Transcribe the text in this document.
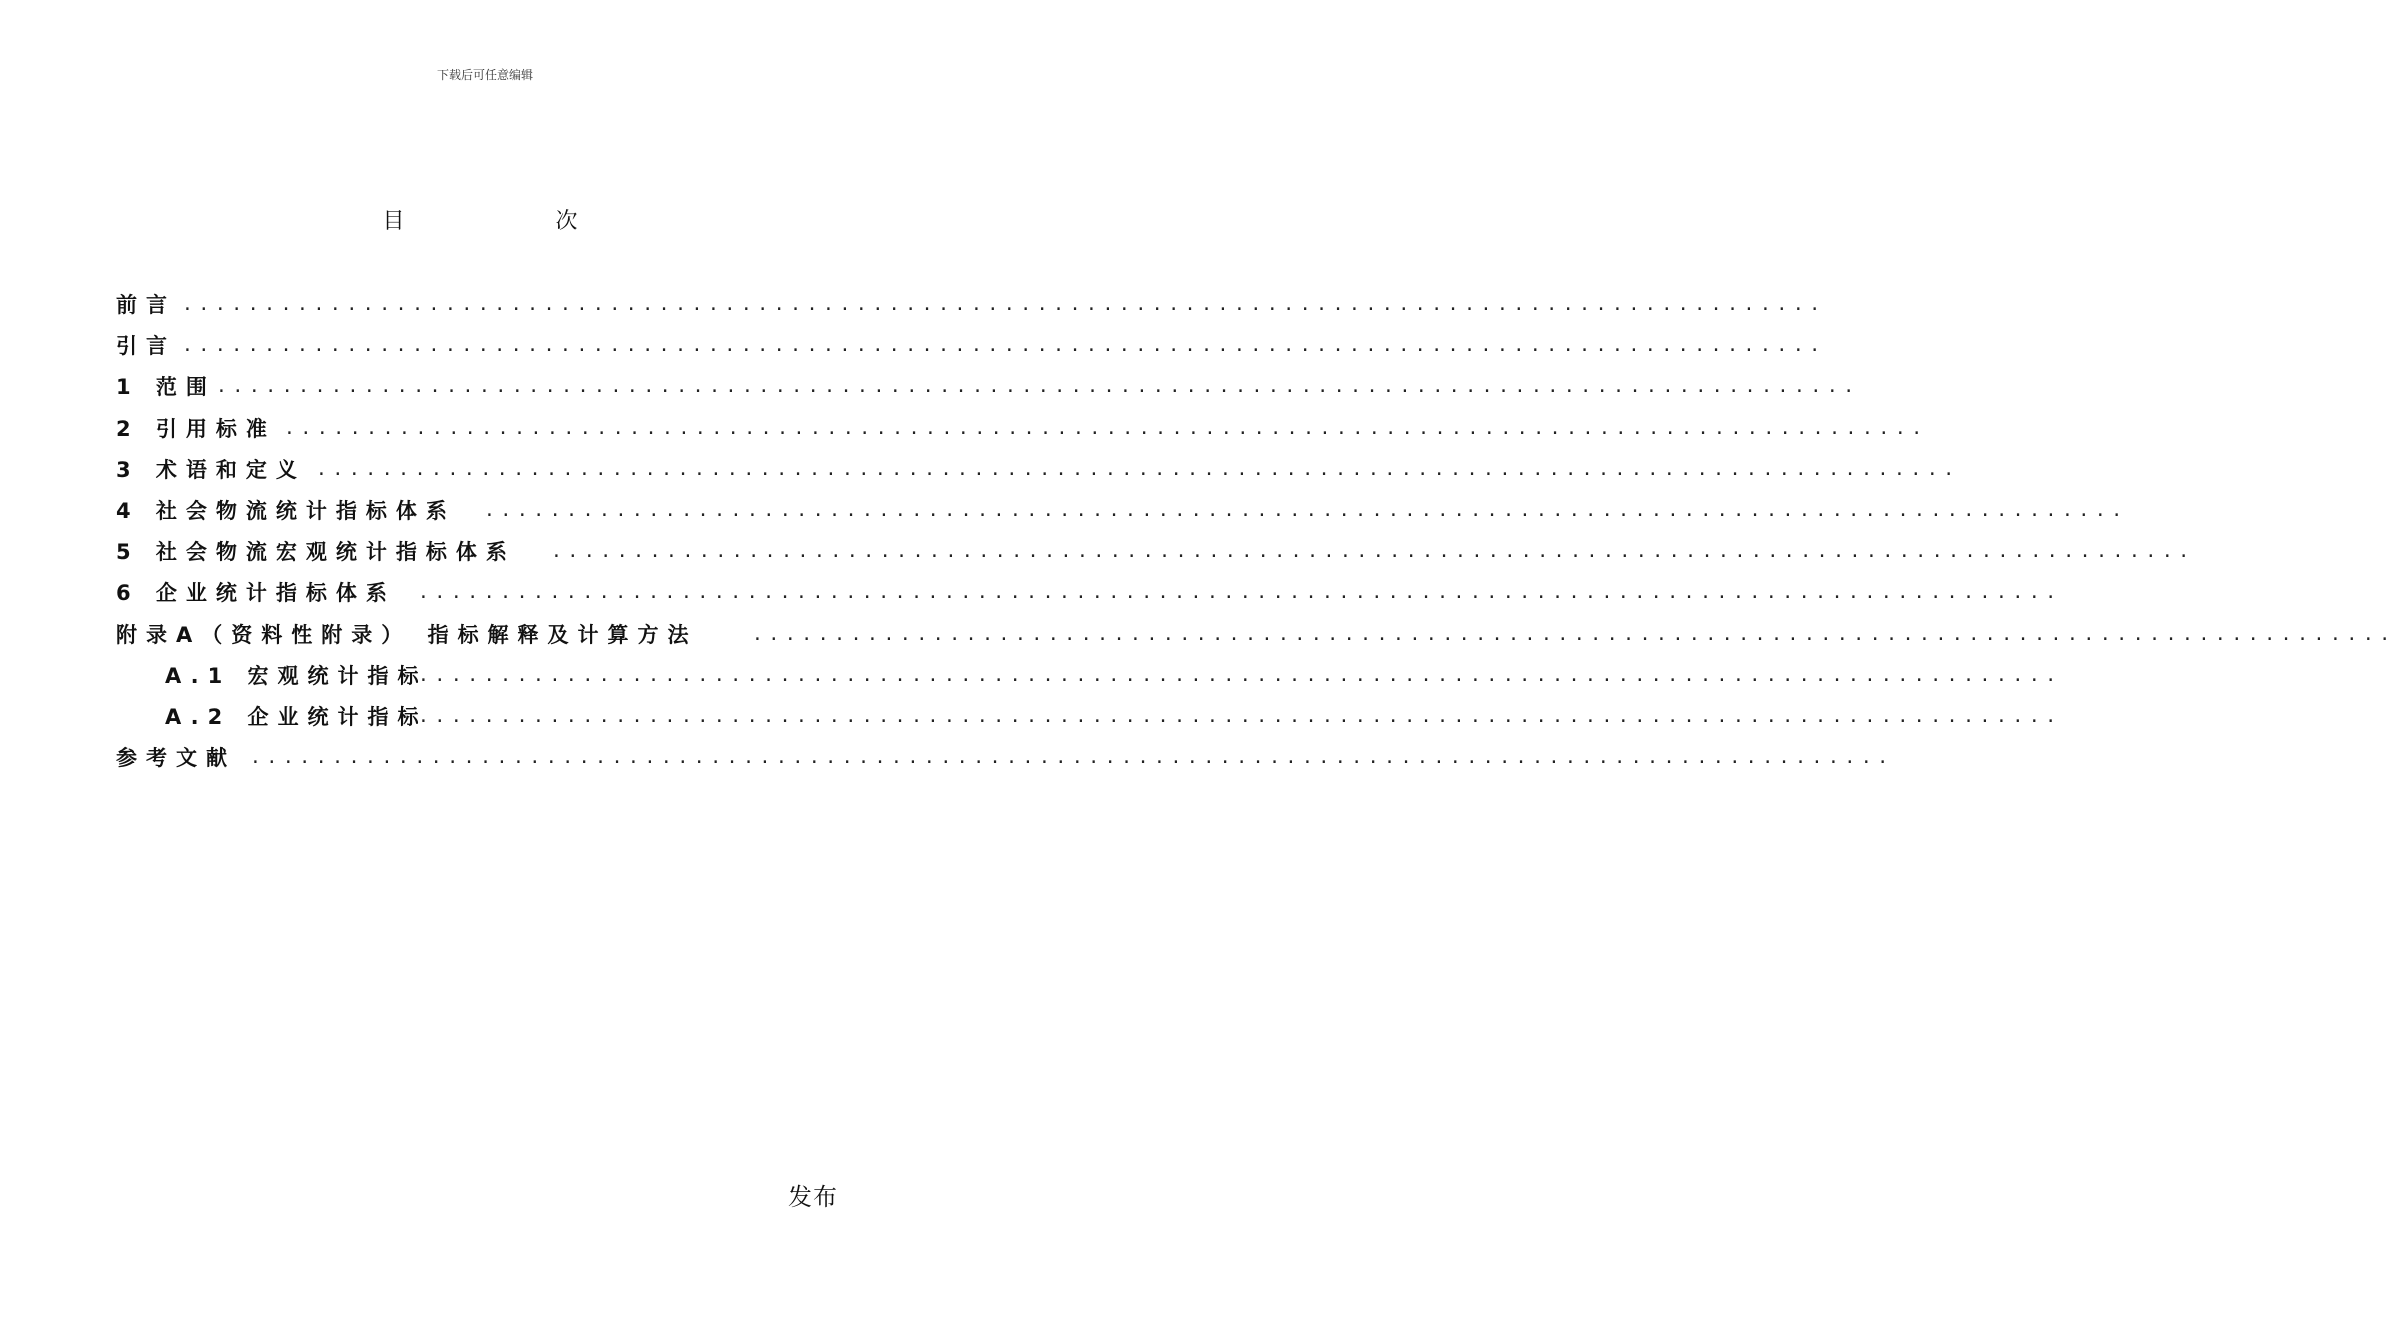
下载后可任意编辑
目 次
前言 ....................................................................................................
引言 ....................................................................................................
1 范围 ....................................................................................................
2 引用标准 ....................................................................................................
3 术语和定义 ....................................................................................................
4 社会物流统计指标体系 ....................................................................................................
5 社会物流宏观统计指标体系 ....................................................................................................
6 企业统计指标体系 ....................................................................................................
附录A（资料性附录） 指标解释及计算方法	....................................................................................................
A.1 宏观统计指标
....................................................................................................
A.2 企业统计指标
....................................................................................................
参考文献 ....................................................................................................
发布
